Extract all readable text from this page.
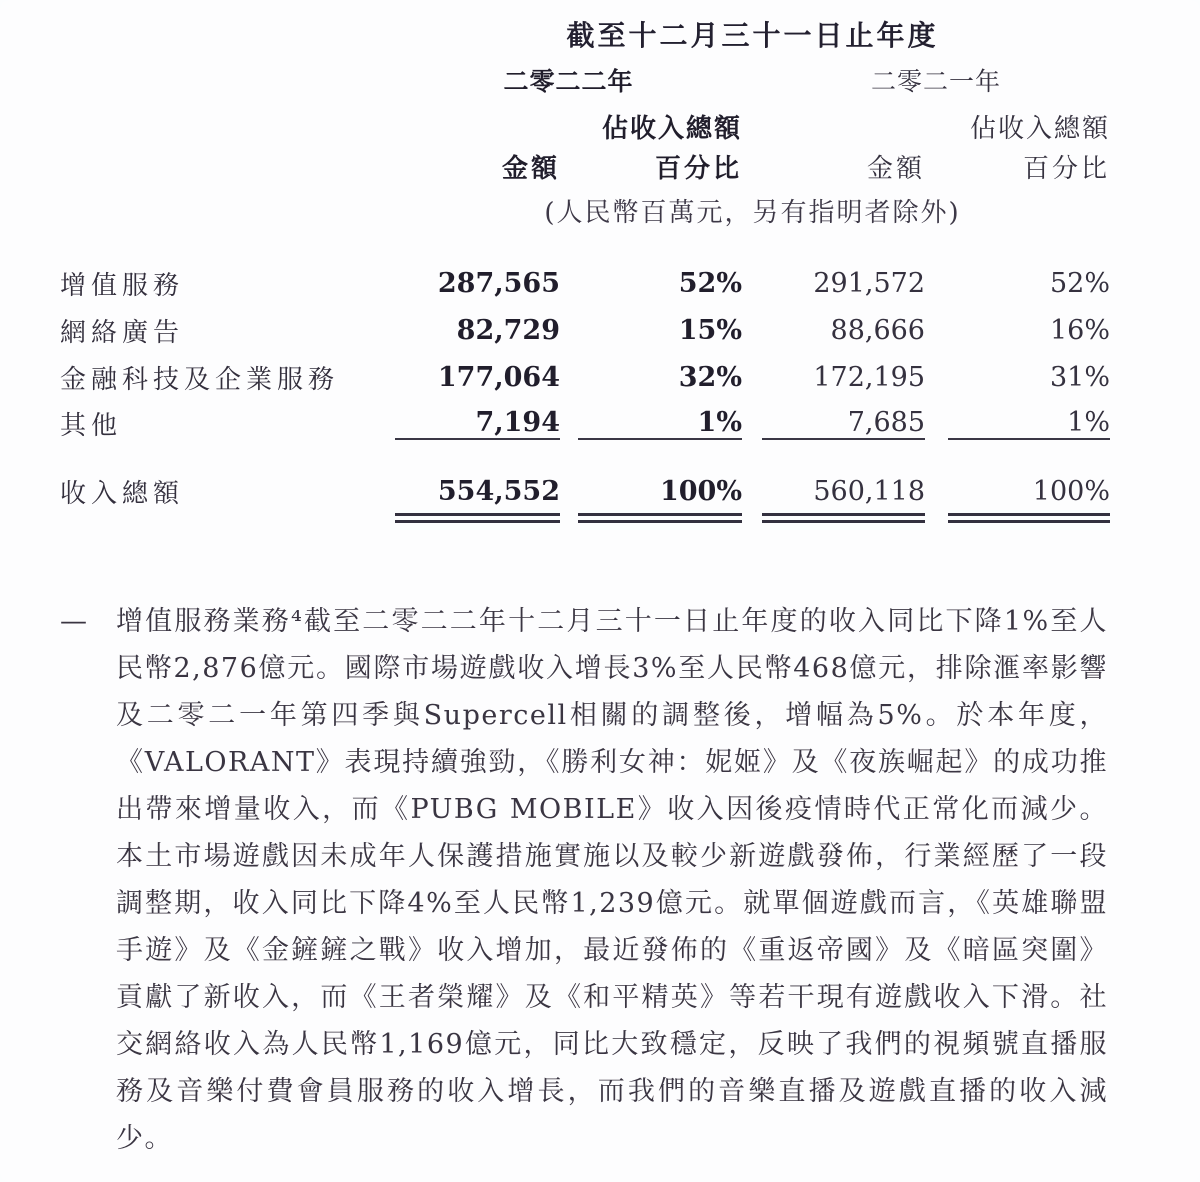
截至十二月三十一日止年度
二零二二年	二零二一年
佔收入總額	佔收入總額
金額	百分比	金額	百分比
(人民幣百萬元，另有指明者除外)
增值服務	287,565	52%	291,572	52%
網絡廣告	82,729	15%	88,666	16%
金融科技及企業服務	177,064	32%	172,195	31%
其他	7,194	1%	7,685	1%
收入總額	554,552	100%	560,118	100%
—	增值服務業務⁴截至二零二二年十二月三十一日止年度的收入同比下降1%至人民幣2,876億元。國際市場遊戲收入增長3%至人民幣468億元，排除滙率影響及二零二一年第四季與Supercell相關的調整後，增幅為5%。於本年度，《VALORANT》表現持續強勁，《勝利女神：妮姬》及《夜族崛起》的成功推出帶來增量收入，而《PUBG MOBILE》收入因後疫情時代正常化而減少。本土市場遊戲因未成年人保護措施實施以及較少新遊戲發佈，行業經歷了一段調整期，收入同比下降4%至人民幣1,239億元。就單個遊戲而言，《英雄聯盟手遊》及《金鏟鏟之戰》收入增加，最近發佈的《重返帝國》及《暗區突圍》貢獻了新收入，而《王者榮耀》及《和平精英》等若干現有遊戲收入下滑。社交網絡收入為人民幣1,169億元，同比大致穩定，反映了我們的視頻號直播服務及音樂付費會員服務的收入增長，而我們的音樂直播及遊戲直播的收入減少。
